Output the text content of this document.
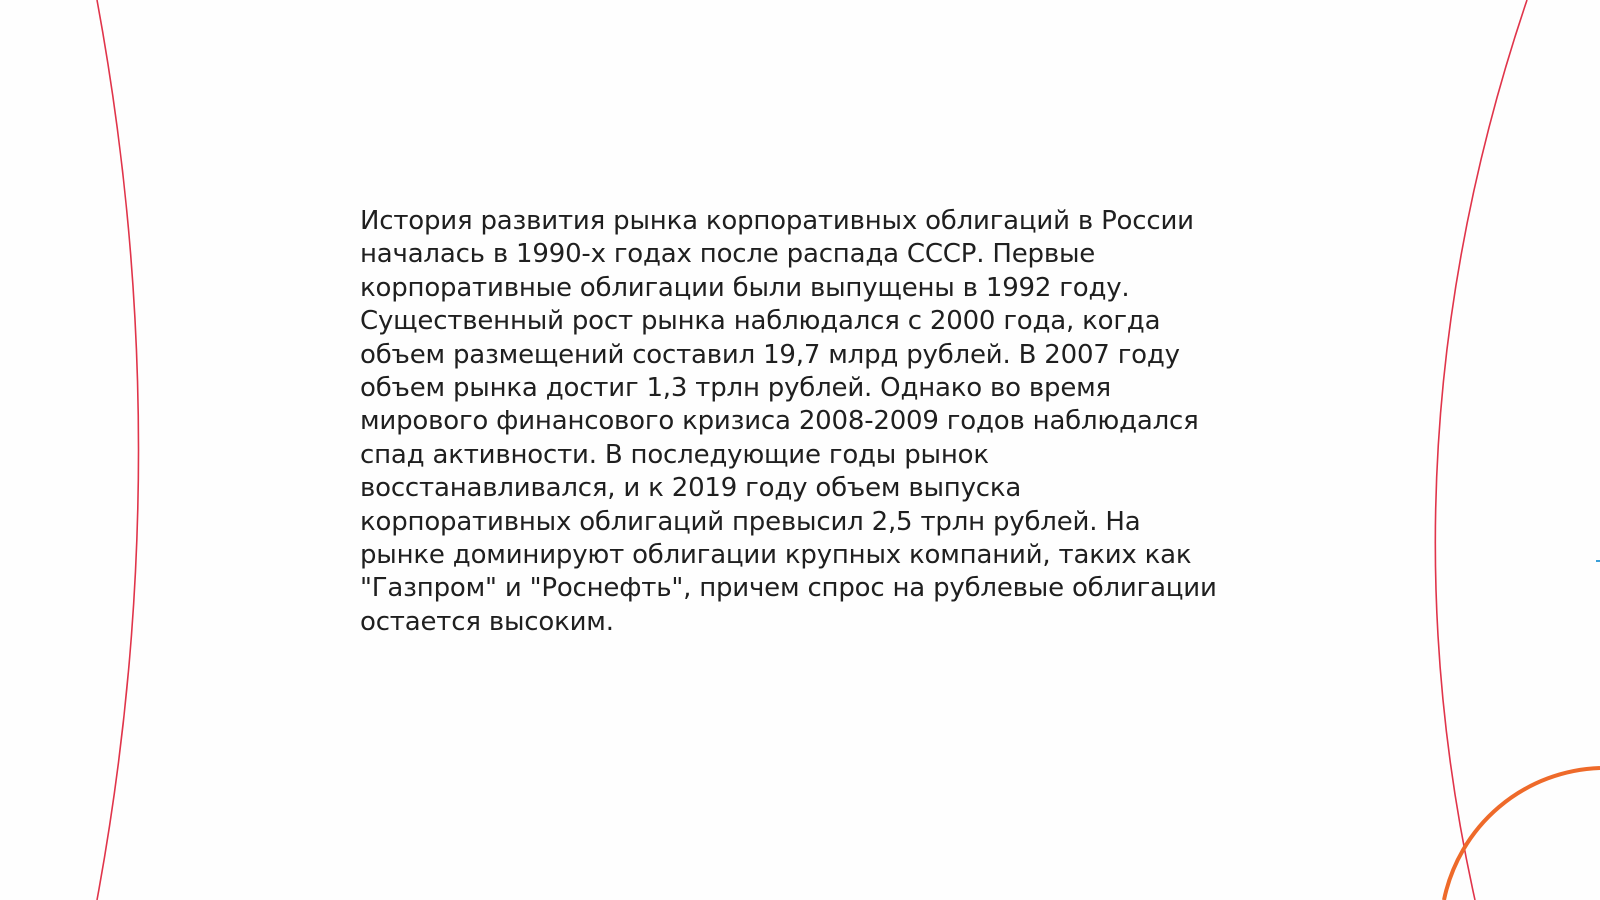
История развития рынка корпоративных облигаций в России
началась в 1990-х годах после распада СССР. Первые
корпоративные облигации были выпущены в 1992 году.
Существенный рост рынка наблюдался с 2000 года, когда
объем размещений составил 19,7 млрд рублей. В 2007 году
объем рынка достиг 1,3 трлн рублей. Однако во время
мирового финансового кризиса 2008-2009 годов наблюдался
спад активности. В последующие годы рынок
восстанавливался, и к 2019 году объем выпуска
корпоративных облигаций превысил 2,5 трлн рублей. На
рынке доминируют облигации крупных компаний, таких как
"Газпром" и "Роснефть", причем спрос на рублевые облигации
остается высоким.
